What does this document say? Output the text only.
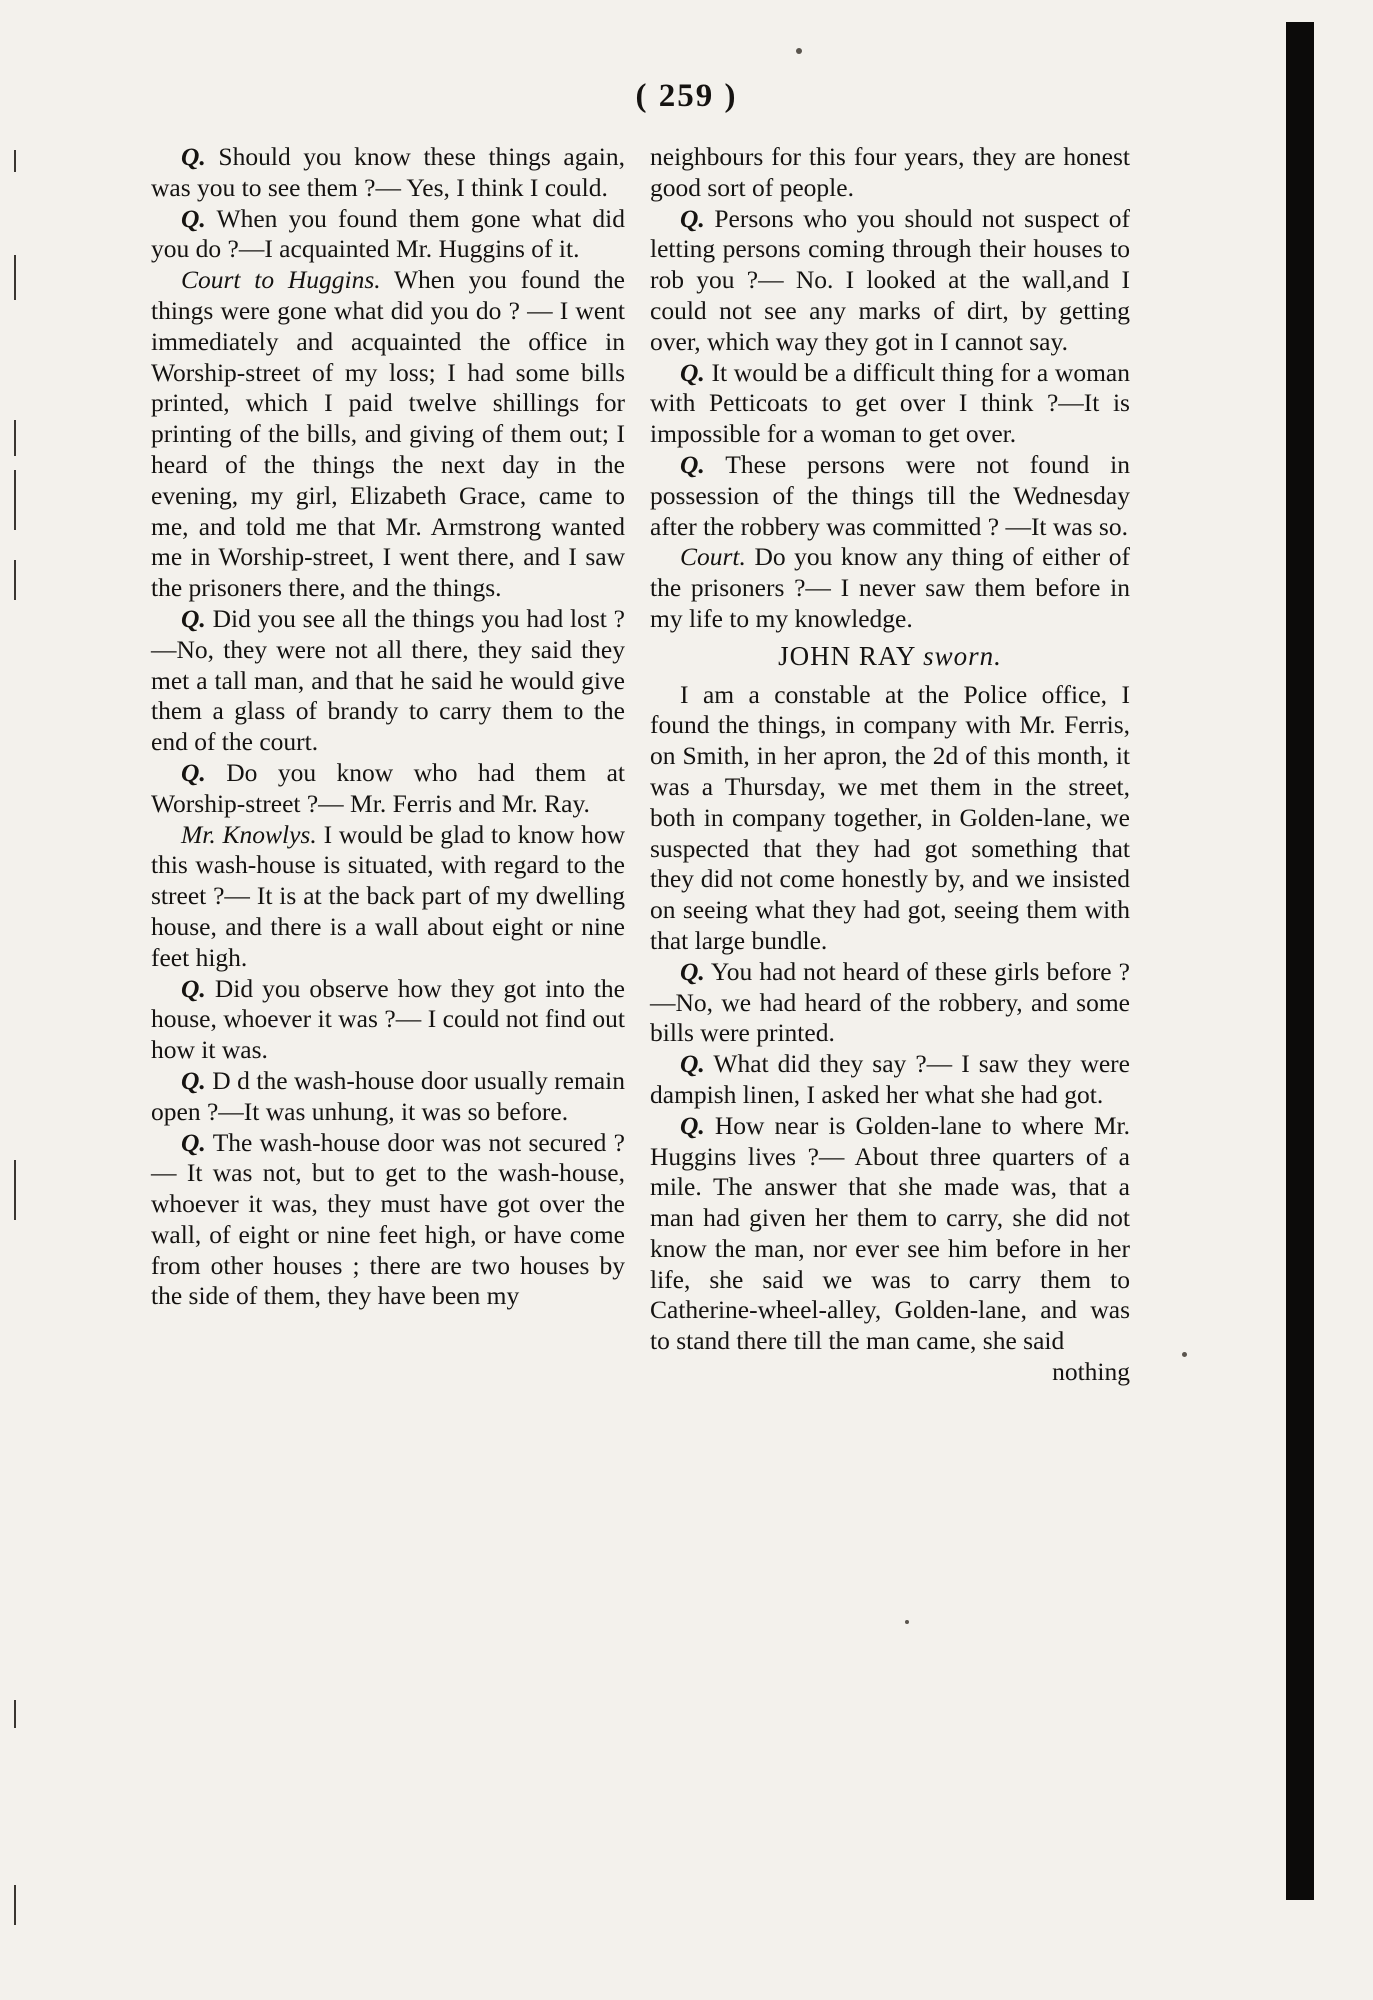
( 259 )

Q. Should you know these things again, was you to see them ?— Yes, I think I could.

Q. When you found them gone what did you do ?—I acquainted Mr. Huggins of it.

Court to Huggins. When you found the things were gone what did you do ? — I went immediately and acquainted the office in Worship-street of my loss; I had some bills printed, which I paid twelve shillings for printing of the bills, and giving of them out; I heard of the things the next day in the evening, my girl, Elizabeth Grace, came to me, and told me that Mr. Armstrong wanted me in Worship-street, I went there, and I saw the prisoners there, and the things.

Q. Did you see all the things you had lost ?—No, they were not all there, they said they met a tall man, and that he said he would give them a glass of brandy to carry them to the end of the court.

Q. Do you know who had them at Worship-street ?— Mr. Ferris and Mr. Ray.

Mr. Knowlys. I would be glad to know how this wash-house is situated, with regard to the street ?— It is at the back part of my dwelling house, and there is a wall about eight or nine feet high.

Q. Did you observe how they got into the house, whoever it was ?— I could not find out how it was.

Q. D d the wash-house door usually remain open ?—It was unhung, it was so before.

Q. The wash-house door was not secured ?— It was not, but to get to the wash-house, whoever it was, they must have got over the wall, of eight or nine feet high, or have come from other houses ; there are two houses by the side of them, they have been my

neighbours for this four years, they are honest good sort of people.

Q. Persons who you should not suspect of letting persons coming through their houses to rob you ?— No. I looked at the wall,and I could not see any marks of dirt, by getting over, which way they got in I cannot say.

Q. It would be a difficult thing for a woman with Petticoats to get over I think ?—It is impossible for a woman to get over.

Q. These persons were not found in possession of the things till the Wednesday after the robbery was committed ? —It was so.

Court. Do you know any thing of either of the prisoners ?— I never saw them before in my life to my knowledge.

JOHN RAY sworn.

I am a constable at the Police office, I found the things, in company with Mr. Ferris, on Smith, in her apron, the 2d of this month, it was a Thursday, we met them in the street, both in company together, in Golden-lane, we suspected that they had got something that they did not come honestly by, and we insisted on seeing what they had got, seeing them with that large bundle.

Q. You had not heard of these girls before ?—No, we had heard of the robbery, and some bills were printed.

Q. What did they say ?— I saw they were dampish linen, I asked her what she had got.

Q. How near is Golden-lane to where Mr. Huggins lives ?— About three quarters of a mile. The answer that she made was, that a man had given her them to carry, she did not know the man, nor ever see him before in her life, she said we was to carry them to Catherine-wheel-alley, Golden-lane, and was to stand there till the man came, she said

nothing
